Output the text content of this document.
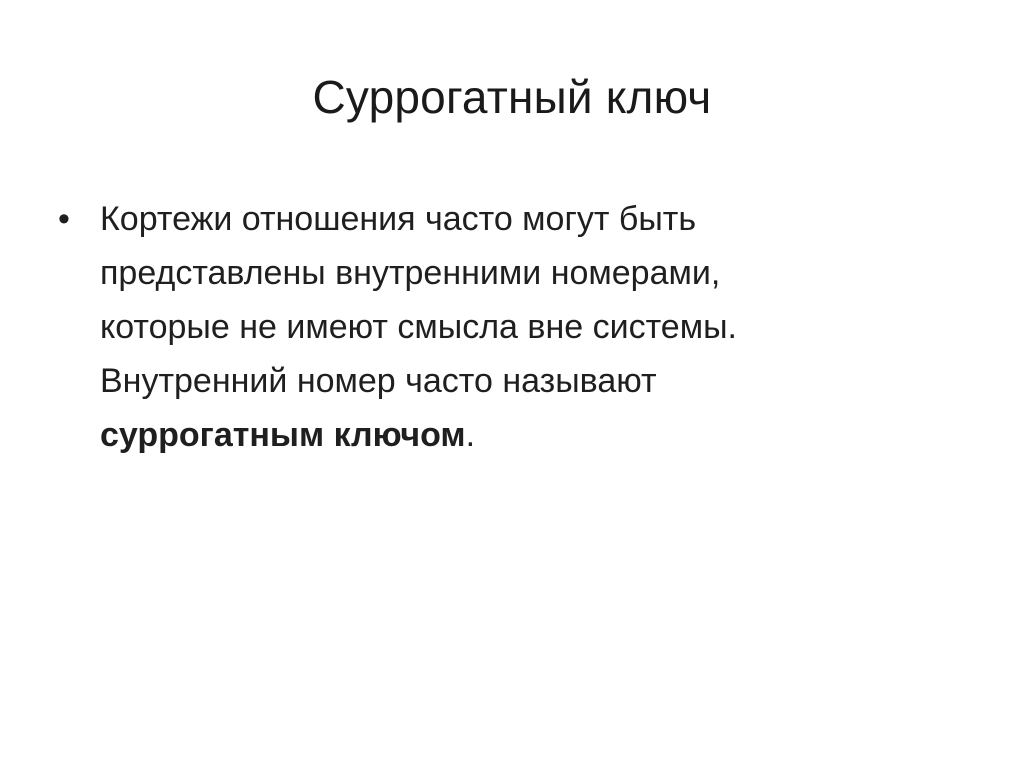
Суррогатный ключ
• Кортежи отношения часто могут быть
представлены внутренними номерами,
которые не имеют смысла вне системы.
Внутренний номер часто называют
суррогатным ключом.
